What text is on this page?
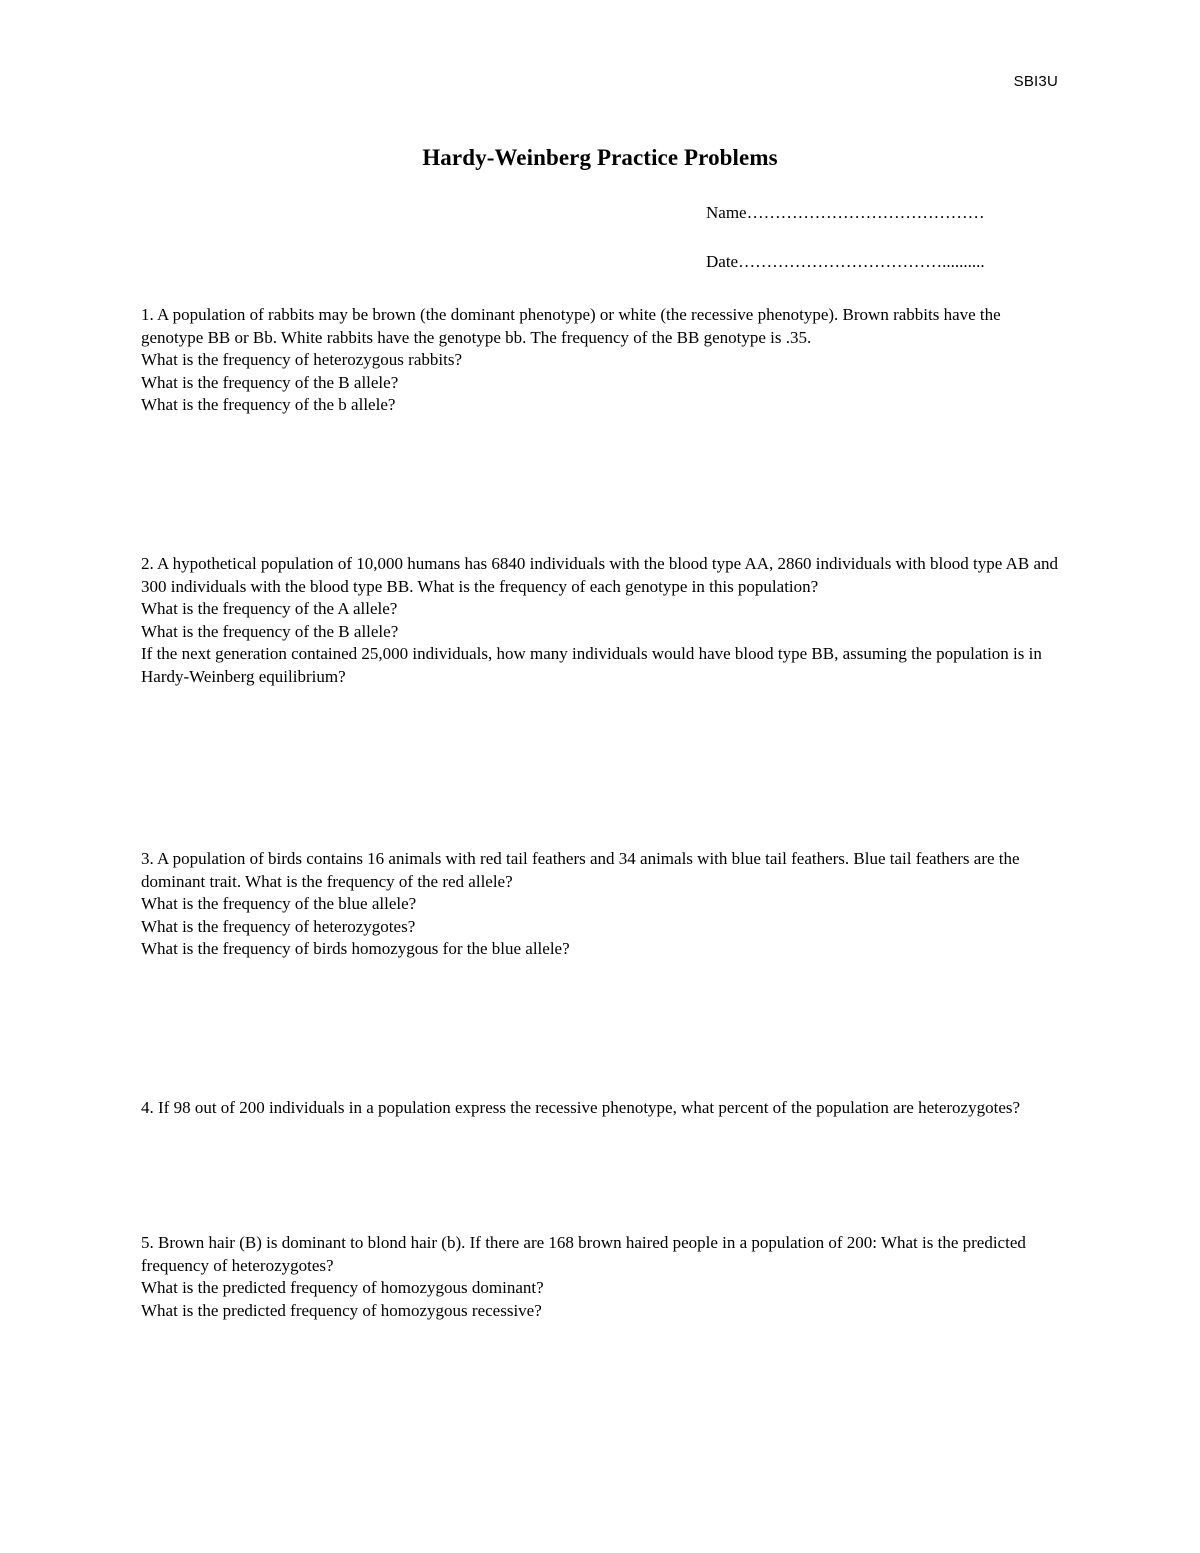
SBI3U
Hardy-Weinberg Practice Problems
Name……………………………………
Date………………………………..........

1. A population of rabbits may be brown (the dominant phenotype) or white (the recessive phenotype). Brown rabbits have the genotype BB or Bb. White rabbits have the genotype bb. The frequency of the BB genotype is .35.

What is the frequency of heterozygous rabbits?

What is the frequency of the B allele?

What is the frequency of the b allele?

2. A hypothetical population of 10,000 humans has 6840 individuals with the blood type AA, 2860 individuals with blood type AB and 300 individuals with the blood type BB. What is the frequency of each genotype in this population?

What is the frequency of the A allele?

What is the frequency of the B allele?

If the next generation contained 25,000 individuals, how many individuals would have blood type BB, assuming the population is in Hardy-Weinberg equilibrium?

3. A population of birds contains 16 animals with red tail feathers and 34 animals with blue tail feathers. Blue tail feathers are the dominant trait. What is the frequency of the red allele?

What is the frequency of the blue allele?

What is the frequency of heterozygotes?

What is the frequency of birds homozygous for the blue allele?

4. If 98 out of 200 individuals in a population express the recessive phenotype, what percent of the population are heterozygotes?

5. Brown hair (B) is dominant to blond hair (b). If there are 168 brown haired people in a population of 200: What is the predicted frequency of heterozygotes?

What is the predicted frequency of homozygous dominant?

What is the predicted frequency of homozygous recessive?
